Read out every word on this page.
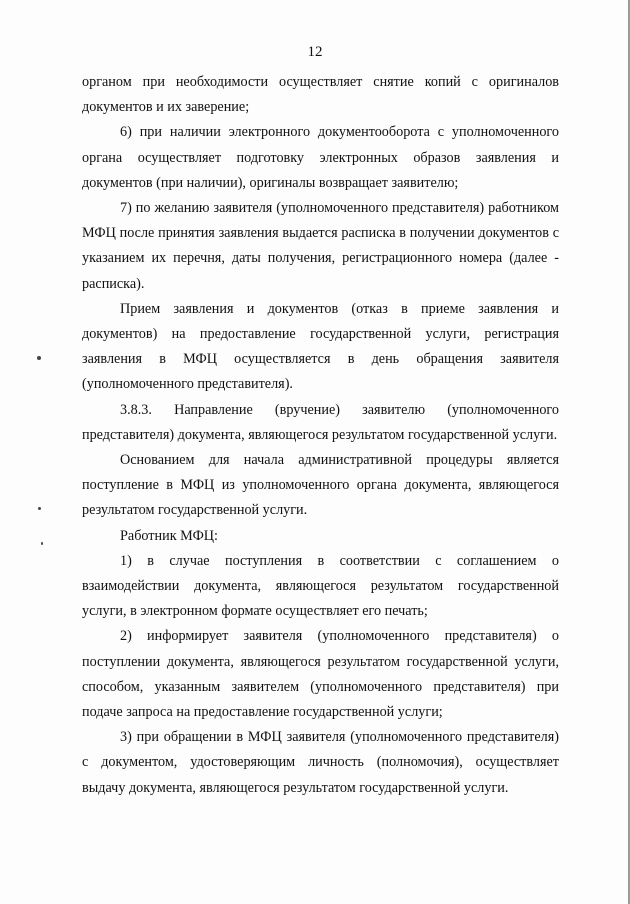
12

органом при необходимости осуществляет снятие копий с оригиналов документов и их заверение;

6) при наличии электронного документооборота с уполномоченного органа осуществляет подготовку электронных образов заявления и документов (при наличии), оригиналы возвращает заявителю;

7) по желанию заявителя (уполномоченного представителя) работником МФЦ после принятия заявления выдается расписка в получении документов с указанием их перечня, даты получения, регистрационного номера (далее - расписка).

Прием заявления и документов (отказ в приеме заявления и документов) на предоставление государственной услуги, регистрация заявления в МФЦ осуществляется в день обращения заявителя (уполномоченного представителя).

3.8.3. Направление (вручение) заявителю (уполномоченного представителя) документа, являющегося результатом государственной услуги.

Основанием для начала административной процедуры является поступление в МФЦ из уполномоченного органа документа, являющегося результатом государственной услуги.

Работник МФЦ:

1) в случае поступления в соответствии с соглашением о взаимодействии документа, являющегося результатом государственной услуги, в электронном формате осуществляет его печать;

2) информирует заявителя (уполномоченного представителя) о поступлении документа, являющегося результатом государственной услуги, способом, указанным заявителем (уполномоченного представителя) при подаче запроса на предоставление государственной услуги;

3) при обращении в МФЦ заявителя (уполномоченного представителя) с документом, удостоверяющим личность (полномочия), осуществляет выдачу документа, являющегося результатом государственной услуги.
